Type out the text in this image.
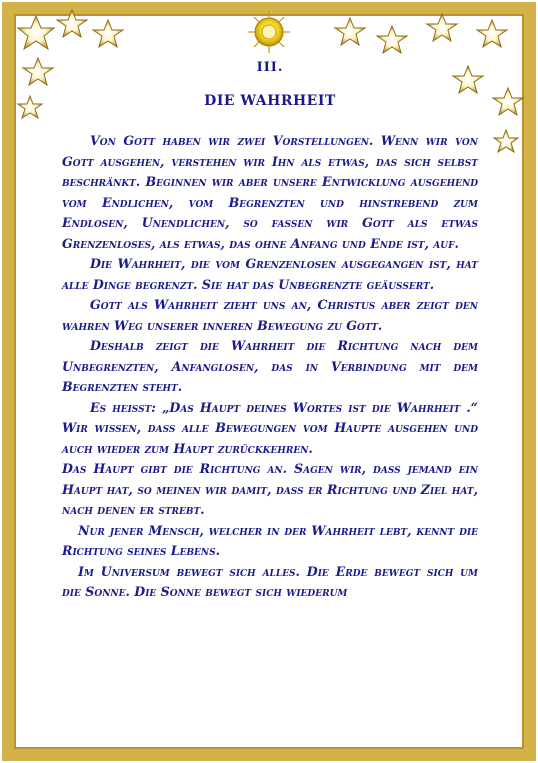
III.
DIE WAHRHEIT

Von Gott haben wir zwei Vorstellungen. Wenn wir von Gott ausgehen, verstehen wir Ihn als etwas, das sich selbst beschränkt. Beginnen wir aber unsere Entwicklung ausgehend vom Endlichen, vom Begrenzten und hinstrebend zum Endlosen, Unendlichen, so fassen wir Gott als etwas Grenzenloses, als etwas, das ohne Anfang und Ende ist, auf.

Die Wahrheit, die vom Grenzenlosen ausgegangen ist, hat alle Dinge begrenzt. Sie hat das Unbegrenzte geäussert.

Gott als Wahrheit zieht uns an, Christus aber zeigt den wahren Weg unserer inneren Bewegung zu Gott.

Deshalb zeigt die Wahrheit die Richtung nach dem Unbegrenzten, Anfanglosen, das in Verbindung mit dem Begrenzten steht.

Es heisst: „Das Haupt deines Wortes ist die Wahrheit .“ Wir wissen, dass alle Bewegungen vom Haupte ausgehen und auch wieder zum Haupt zurückkehren.

Das Haupt gibt die Richtung an. Sagen wir, dass jemand ein Haupt hat, so meinen wir damit, dass er Richtung und Ziel hat, nach denen er strebt.

Nur jener Mensch, welcher in der Wahrheit lebt, kennt die Richtung seines Lebens.

Im Universum bewegt sich alles. Die Erde bewegt sich um die Sonne. Die Sonne bewegt sich wiederum
